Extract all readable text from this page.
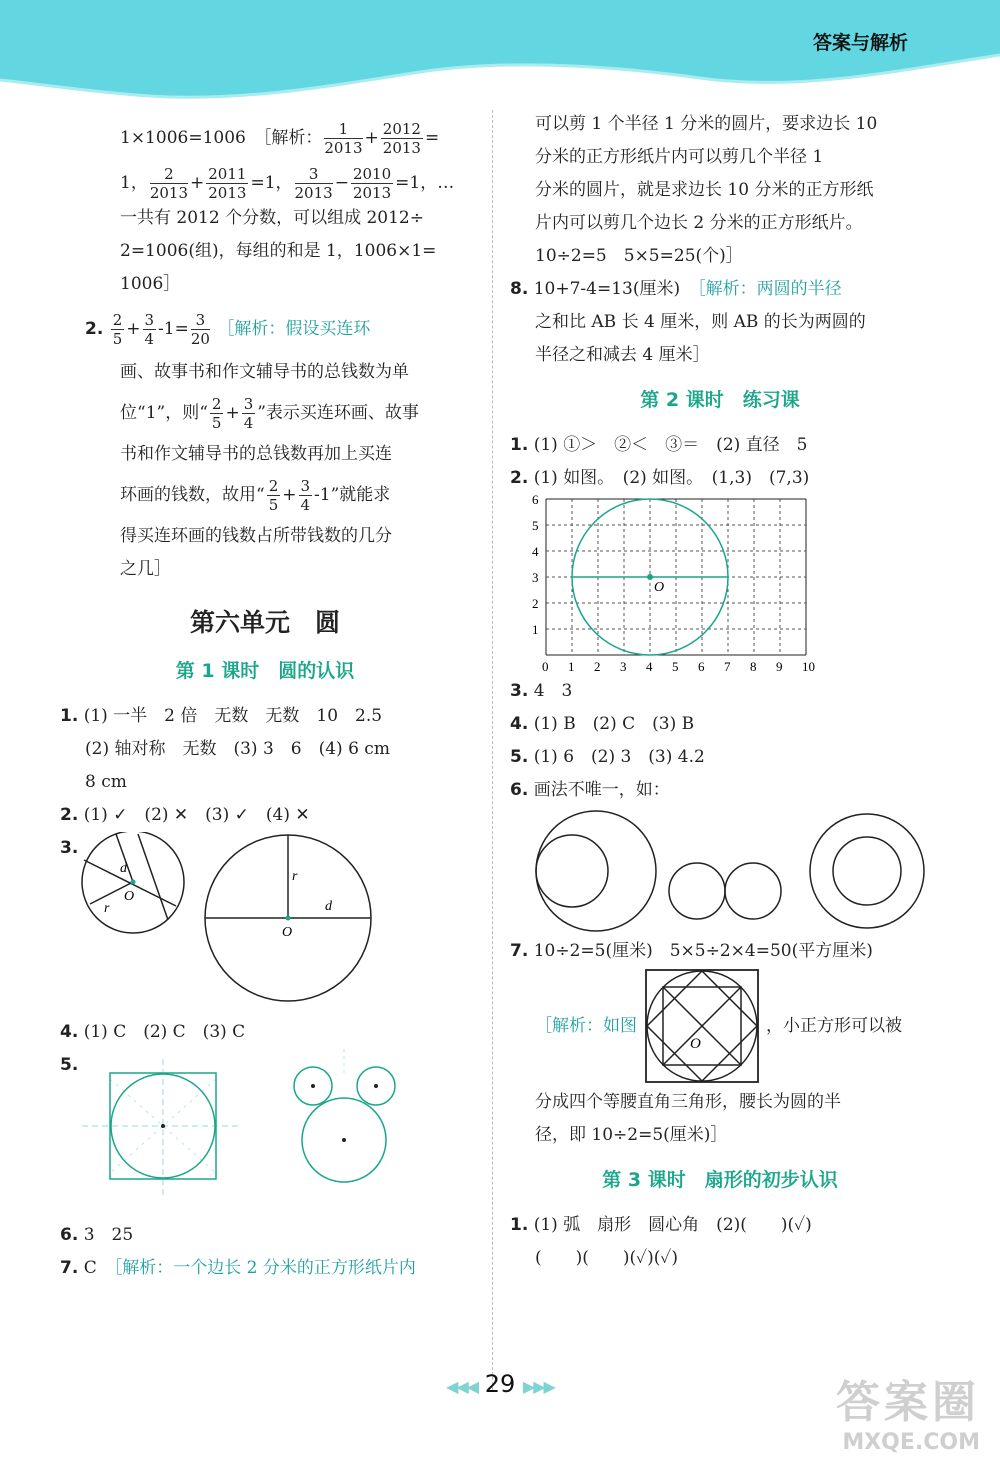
答案与解析
1×1006=1006　［解析： $\frac{1}{2013} + \frac{2012}{2013}$ =
1， $\frac{2}{2013} + \frac{2011}{2013} =1$， $\frac{3}{2013} - \frac{2010}{2013} =1$，…
一共有 2012 个分数，可以组成 2012÷
2=1006(组)，每组的和是 1，1006×1=
1006］
2. $\frac{2}{5} + \frac{3}{4} -1= \frac{3}{20}$ ［解析：假设买连环
画、故事书和作文辅导书的总钱数为单
位“1”，则“ $\frac{2}{5} + \frac{3}{4}$ ”表示买连环画、故事
书和作文辅导书的总钱数再加上买连
环画的钱数，故用“ $\frac{2}{5} + \frac{3}{4} -1$”就能求
得买连环画的钱数占所带钱数的几分
之几］
第六单元　圆
第 1 课时　圆的认识
1. (1) 一半　2 倍　无数　无数　10　2.5
(2) 轴对称　无数　(3) 3　6　(4) 6 cm
8 cm
2. (1) ✓　(2) ✕　(3) ✓　(4) ✕
3.
d
O
r
r
d
O
4. (1) C　(2) C　(3) C
5.
6. 3　25
7. C　［解析：一个边长 2 分米的正方形纸片内
可以剪 1 个半径 1 分米的圆片，要求边长 10
分米的正方形纸片内可以剪几个半径 1
分米的圆片，就是求边长 10 分米的正方形纸
片内可以剪几个边长 2 分米的正方形纸片。
10÷2=5　5×5=25(个)］
8. 10+7-4=13(厘米)　［解析：两圆的半径
之和比 AB 长 4 厘米，则 AB 的长为两圆的
半径之和减去 4 厘米］
第 2 课时　练习课
1. (1) ①＞　②＜　③＝　(2) 直径　5
2. (1) 如图。　(2) 如图。　(1,3)　(7,3)
0 1 2 3 4 5 6 7 8 9 10
1
2
3
4
5
6
O
3. 4　3
4. (1) B　(2) C　(3) B
5. (1) 6　(2) 3　(3) 4.2
6. 画法不唯一，如：
7. 10÷2=5(厘米)　5×5÷2×4=50(平方厘米)
［解析：如图
O
，小正方形可以被
分成四个等腰直角三角形，腰长为圆的半
径，即 10÷2=5(厘米)］
第 3 课时　扇形的初步认识
1. (1) 弧　扇形　圆心角　(2)(　　)(✓)
(　　)(　　)(✓)(✓)
◀◀◀ 29 ▶▶▶	答案圈
MXQE.COM
